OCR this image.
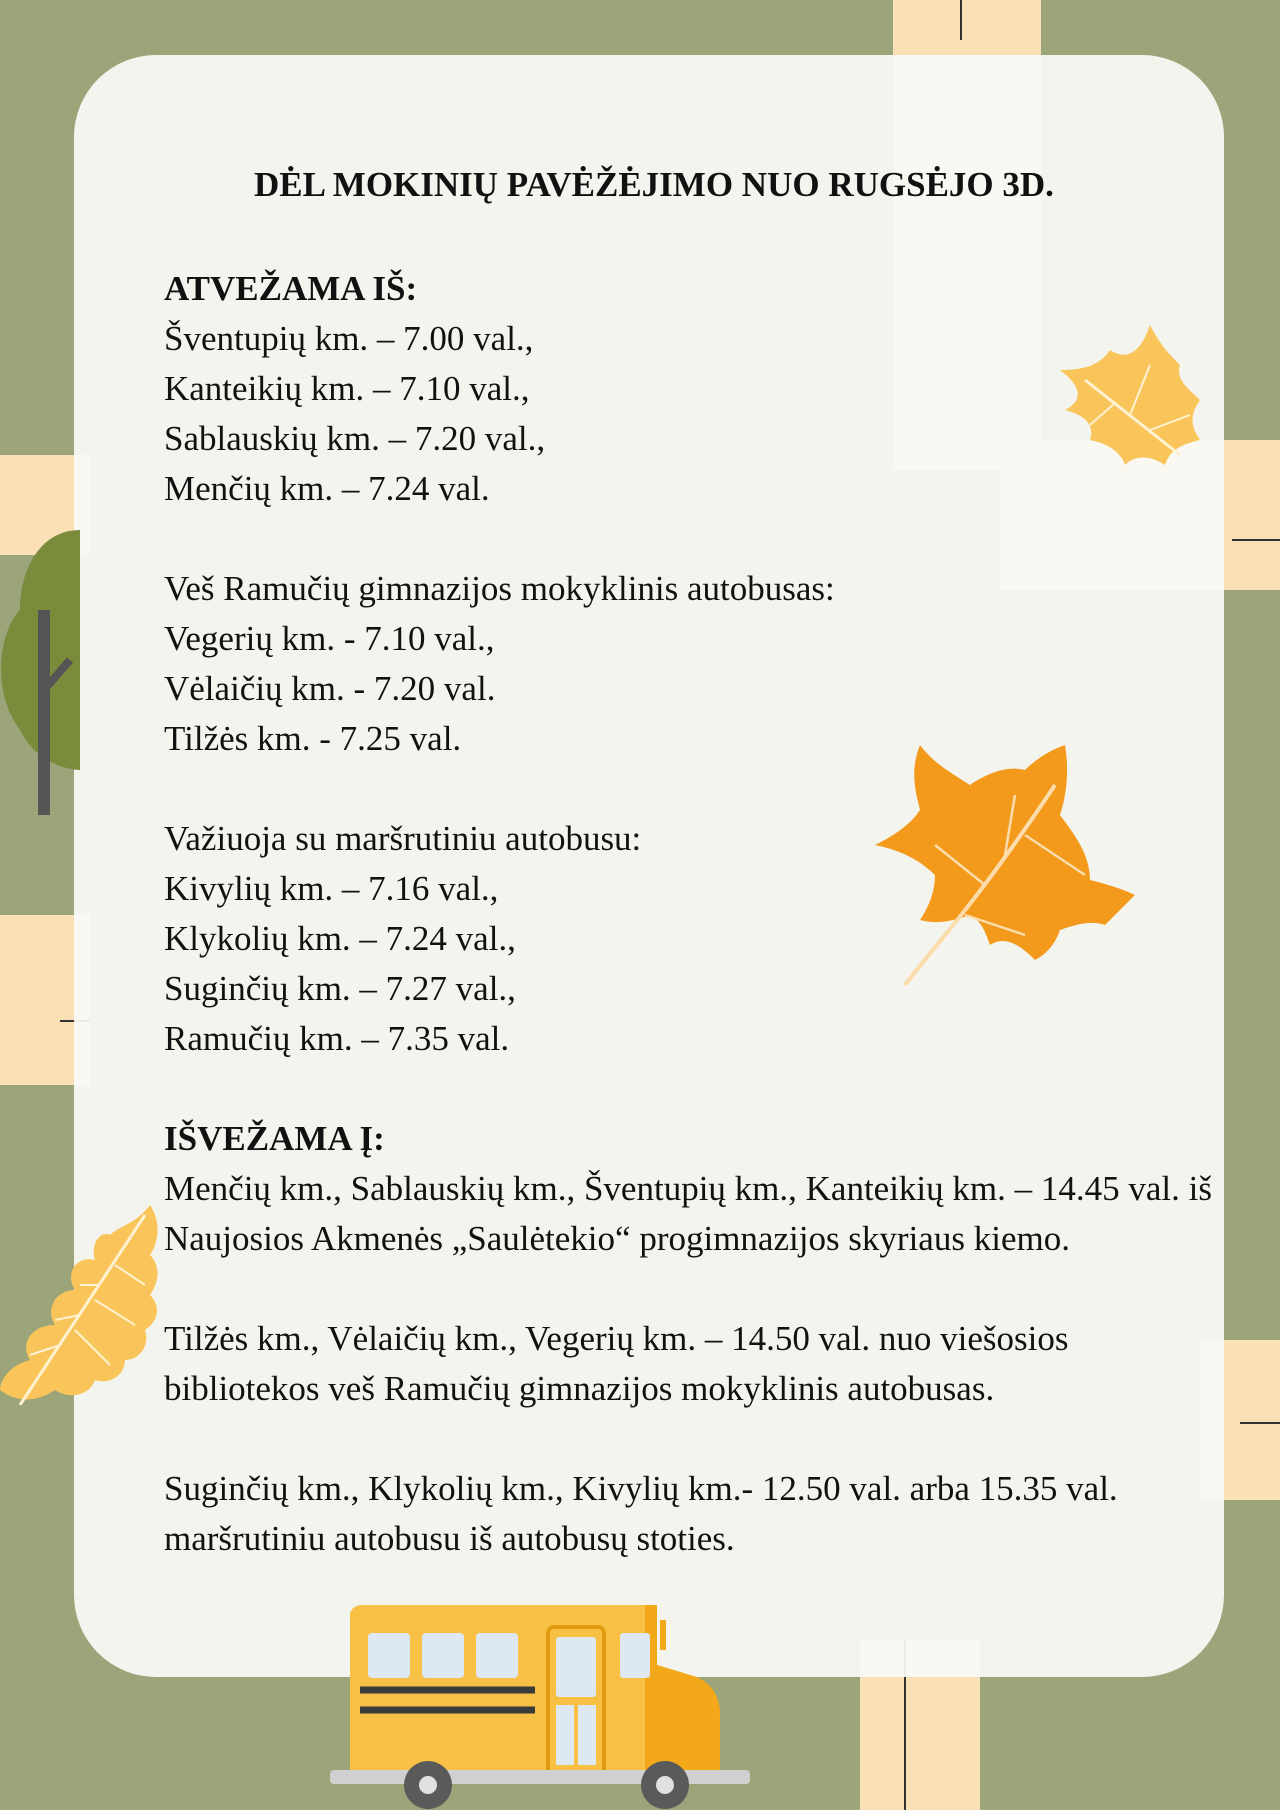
DĖL MOKINIŲ PAVĖŽĖJIMO NUO RUGSĖJO 3D.
ATVEŽAMA IŠ:
Šventupių km. – 7.00 val.,
Kanteikių km. – 7.10 val.,
Sablauskių km. – 7.20 val.,
Menčių km. – 7.24 val.
Veš Ramučių gimnazijos mokyklinis autobusas:
Vegerių km. - 7.10 val.,
Vėlaičių km. - 7.20 val.
Tilžės km. - 7.25 val.
Važiuoja su maršrutiniu autobusu:
Kivylių km. – 7.16 val.,
Klykolių km. – 7.24 val.,
Suginčių km. – 7.27 val.,
Ramučių km. – 7.35 val.
IŠVEŽAMA Į:
Menčių km., Sablauskių km., Šventupių km., Kanteikių km. – 14.45 val. iš Naujosios Akmenės „Saulėtekio“ progimnazijos skyriaus kiemo.
Tilžės km., Vėlaičių km., Vegerių km. – 14.50 val. nuo viešosios bibliotekos veš Ramučių gimnazijos mokyklinis autobusas.
Suginčių km., Klykolių km., Kivylių km.- 12.50 val. arba 15.35 val. maršrutiniu autobusu iš autobusų stoties.
